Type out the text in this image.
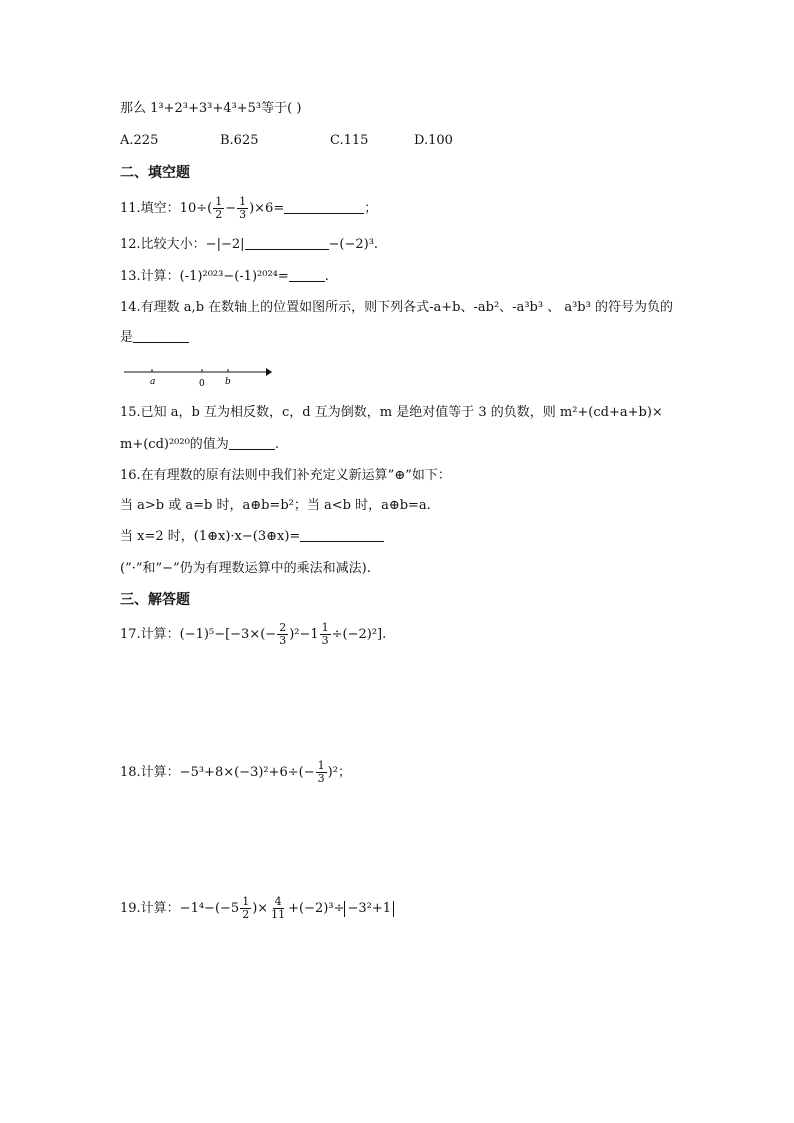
那么 1³+2³+3³+4³+5³等于( )
A.225	B.625	C.115	D.100
二、填空题
11.填空：$10\div( \frac{1}{2} - \frac{1}{3} )\times 6=$	；
12.比较大小：−|−2|	−(−2)³.
13.计算：(-1)²⁰²³−(-1)²⁰²⁴=	.
14.有理数 a,b 在数轴上的位置如图所示，则下列各式-a+b、-ab²、-a³b³ 、 a³b³ 的符号为负的
是
a	0 b
15.已知 a，b 互为相反数，c，d 互为倒数，m 是绝对值等于 3 的负数，则 m²+(cd+a+b)×
m+(cd)²⁰²⁰的值为	.
16.在有理数的原有法则中我们补充定义新运算”⊕”如下：
当 a>b 或 a=b 时，a⊕b=b²；当 a<b 时，a⊕b=a.
当 x=2 时，(1⊕x)·x−(3⊕x)=
(”·”和”−”仍为有理数运算中的乘法和减法).
三、解答题
17.计算：$(-1)^5-[-3\times(- \frac{2}{3} )^2-1 \frac{1}{3} \div(-2)^2]$.
18.计算：$-5^3+8\times(-3)^2+6\div(- \frac{1}{3} )^2$；
19.计算：$-1^4-(-5 \frac{1}{2}$ )× $\frac{4}{11} +(-2)^3\div -3^2+1$
